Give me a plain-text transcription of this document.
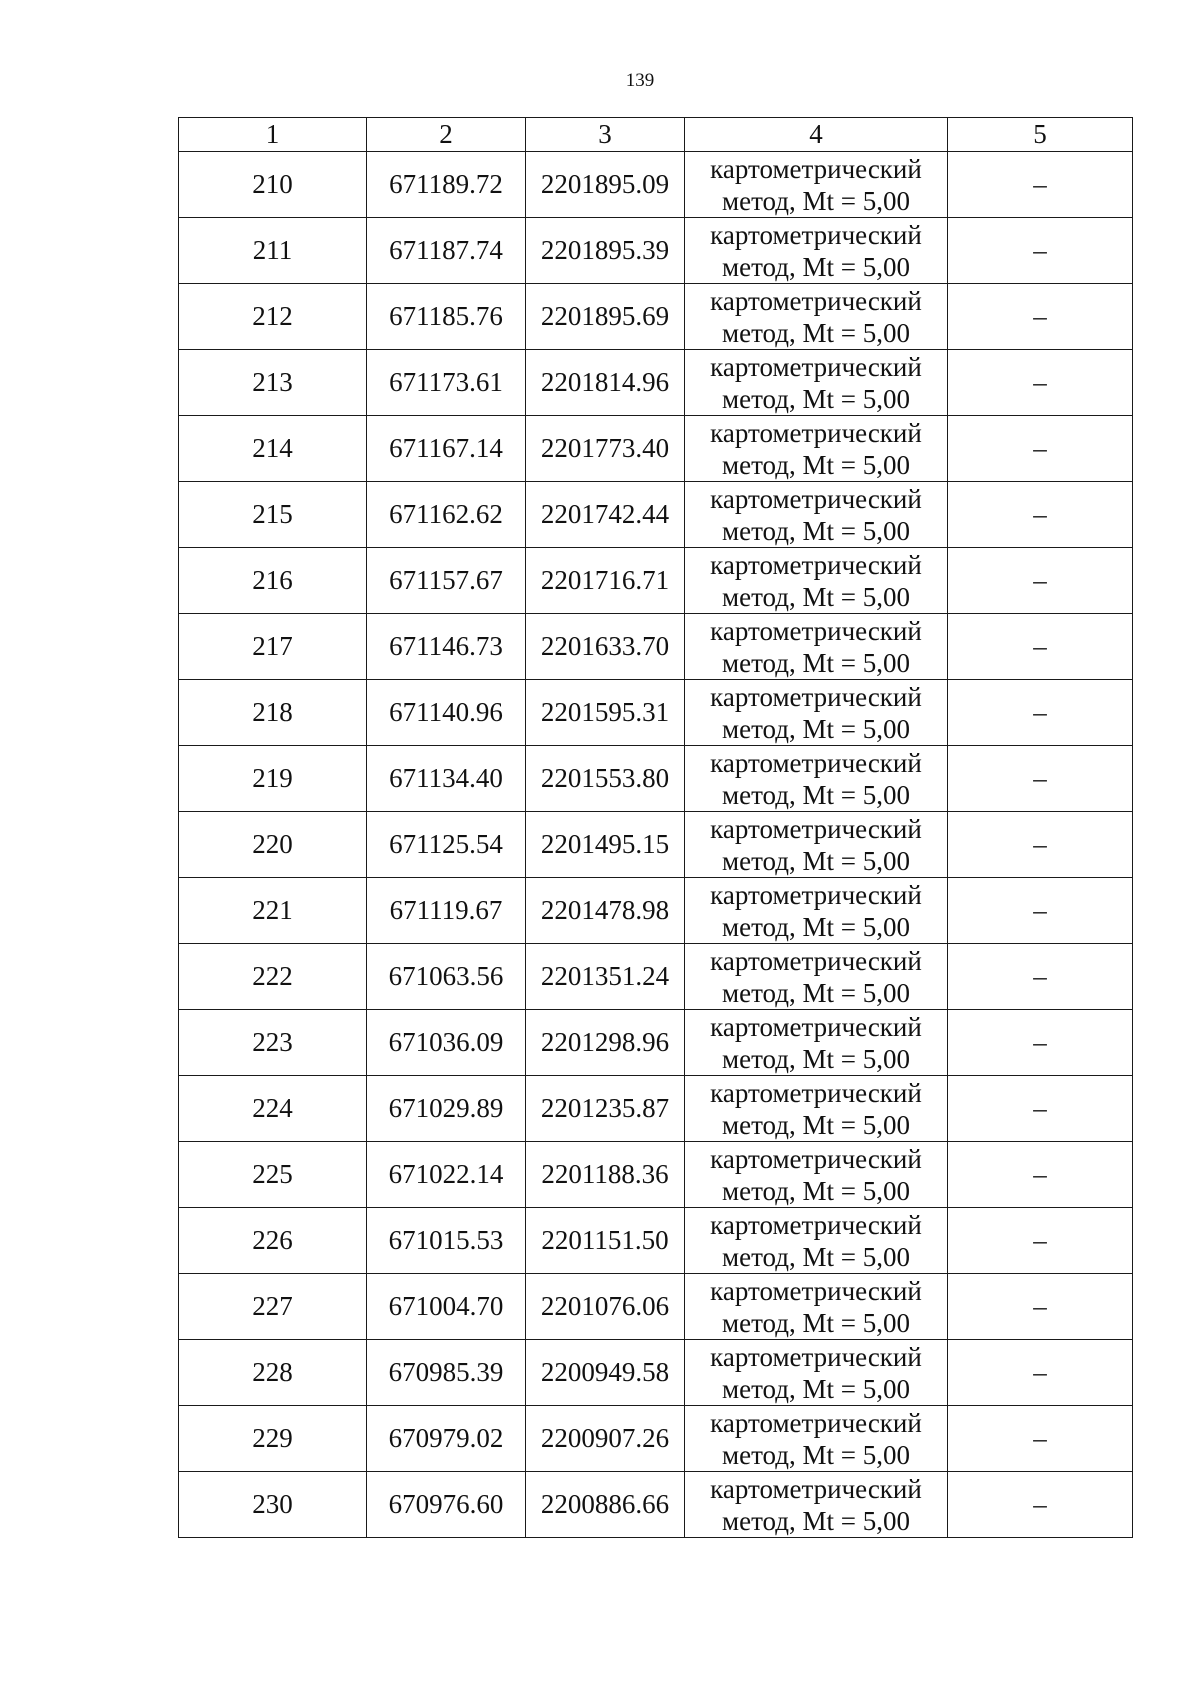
139
1	2	3	4	5
210	671189.72	2201895.09	картометрический
метод, Mt = 5,00	–
211	671187.74	2201895.39	картометрический
метод, Mt = 5,00	–
212	671185.76	2201895.69	картометрический
метод, Mt = 5,00	–
213	671173.61	2201814.96	картометрический
метод, Mt = 5,00	–
214	671167.14	2201773.40	картометрический
метод, Mt = 5,00	–
215	671162.62	2201742.44	картометрический
метод, Mt = 5,00	–
216	671157.67	2201716.71	картометрический
метод, Mt = 5,00	–
217	671146.73	2201633.70	картометрический
метод, Mt = 5,00	–
218	671140.96	2201595.31	картометрический
метод, Mt = 5,00	–
219	671134.40	2201553.80	картометрический
метод, Mt = 5,00	–
220	671125.54	2201495.15	картометрический
метод, Mt = 5,00	–
221	671119.67	2201478.98	картометрический
метод, Mt = 5,00	–
222	671063.56	2201351.24	картометрический
метод, Mt = 5,00	–
223	671036.09	2201298.96	картометрический
метод, Mt = 5,00	–
224	671029.89	2201235.87	картометрический
метод, Mt = 5,00	–
225	671022.14	2201188.36	картометрический
метод, Mt = 5,00	–
226	671015.53	2201151.50	картометрический
метод, Mt = 5,00	–
227	671004.70	2201076.06	картометрический
метод, Mt = 5,00	–
228	670985.39	2200949.58	картометрический
метод, Mt = 5,00	–
229	670979.02	2200907.26	картометрический
метод, Mt = 5,00	–
230	670976.60	2200886.66	картометрический
метод, Mt = 5,00	–
